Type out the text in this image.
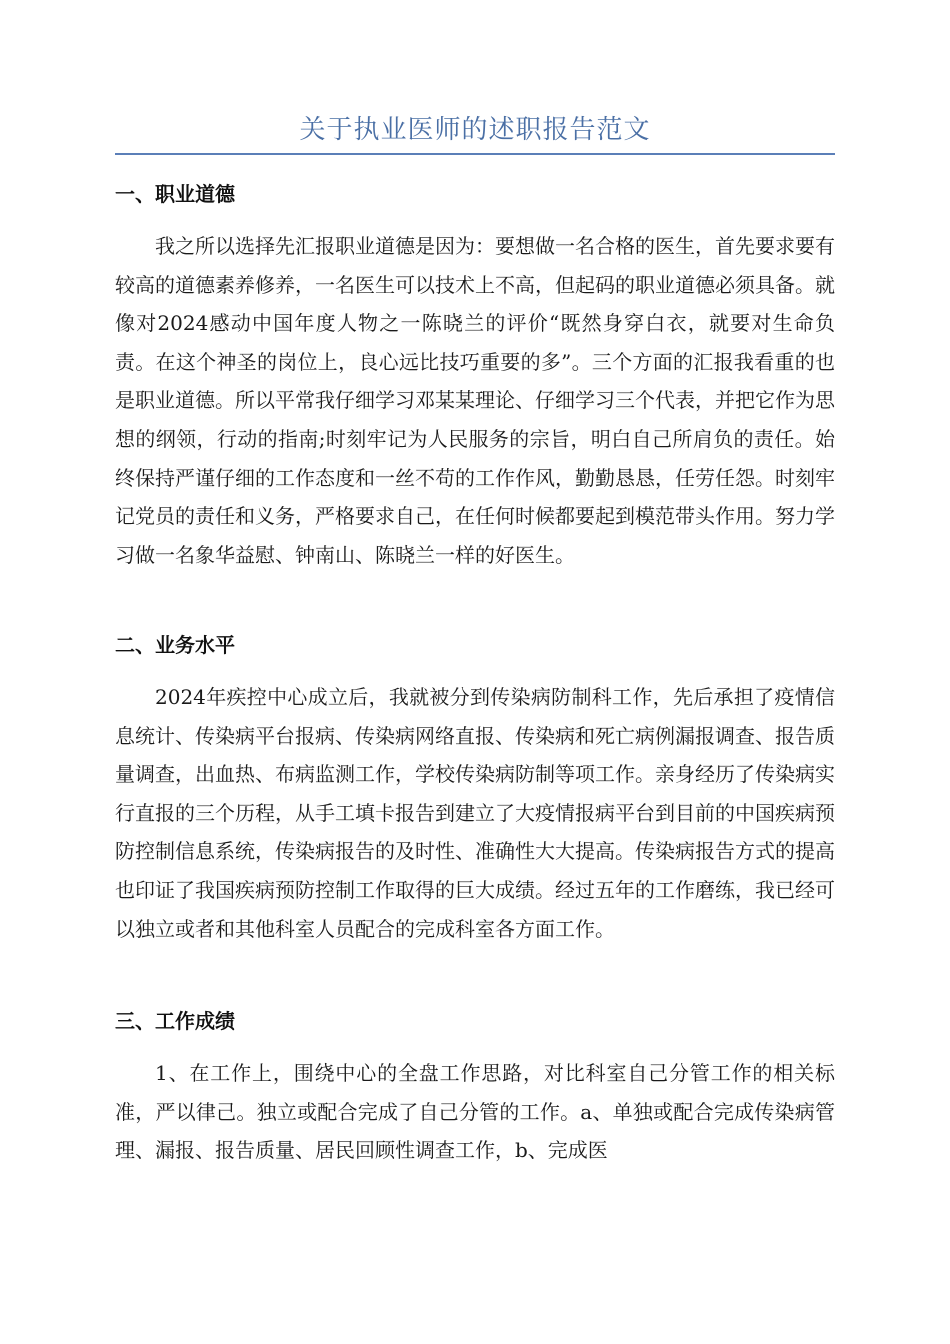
关于执业医师的述职报告范文
一、职业道德
我之所以选择先汇报职业道德是因为：要想做一名合格的医生，首先要求要有较高的道德素养修养，一名医生可以技术上不高，但起码的职业道德必须具备。就像对2024感动中国年度人物之一陈晓兰的评价“既然身穿白衣，就要对生命负责。在这个神圣的岗位上，良心远比技巧重要的多”。三个方面的汇报我看重的也是职业道德。所以平常我仔细学习邓某某理论、仔细学习三个代表，并把它作为思想的纲领，行动的指南;时刻牢记为人民服务的宗旨，明白自己所肩负的责任。始终保持严谨仔细的工作态度和一丝不苟的工作作风，勤勤恳恳，任劳任怨。时刻牢记党员的责任和义务，严格要求自己，在任何时候都要起到模范带头作用。努力学习做一名象华益慰、钟南山、陈晓兰一样的好医生。
二、业务水平
2024年疾控中心成立后，我就被分到传染病防制科工作，先后承担了疫情信息统计、传染病平台报病、传染病网络直报、传染病和死亡病例漏报调查、报告质量调查，出血热、布病监测工作，学校传染病防制等项工作。亲身经历了传染病实行直报的三个历程，从手工填卡报告到建立了大疫情报病平台到目前的中国疾病预防控制信息系统，传染病报告的及时性、准确性大大提高。传染病报告方式的提高也印证了我国疾病预防控制工作取得的巨大成绩。经过五年的工作磨练，我已经可以独立或者和其他科室人员配合的完成科室各方面工作。
三、工作成绩
1、在工作上，围绕中心的全盘工作思路，对比科室自己分管工作的相关标准，严以律己。独立或配合完成了自己分管的工作。a、单独或配合完成传染病管理、漏报、报告质量、居民回顾性调查工作，b、完成医
